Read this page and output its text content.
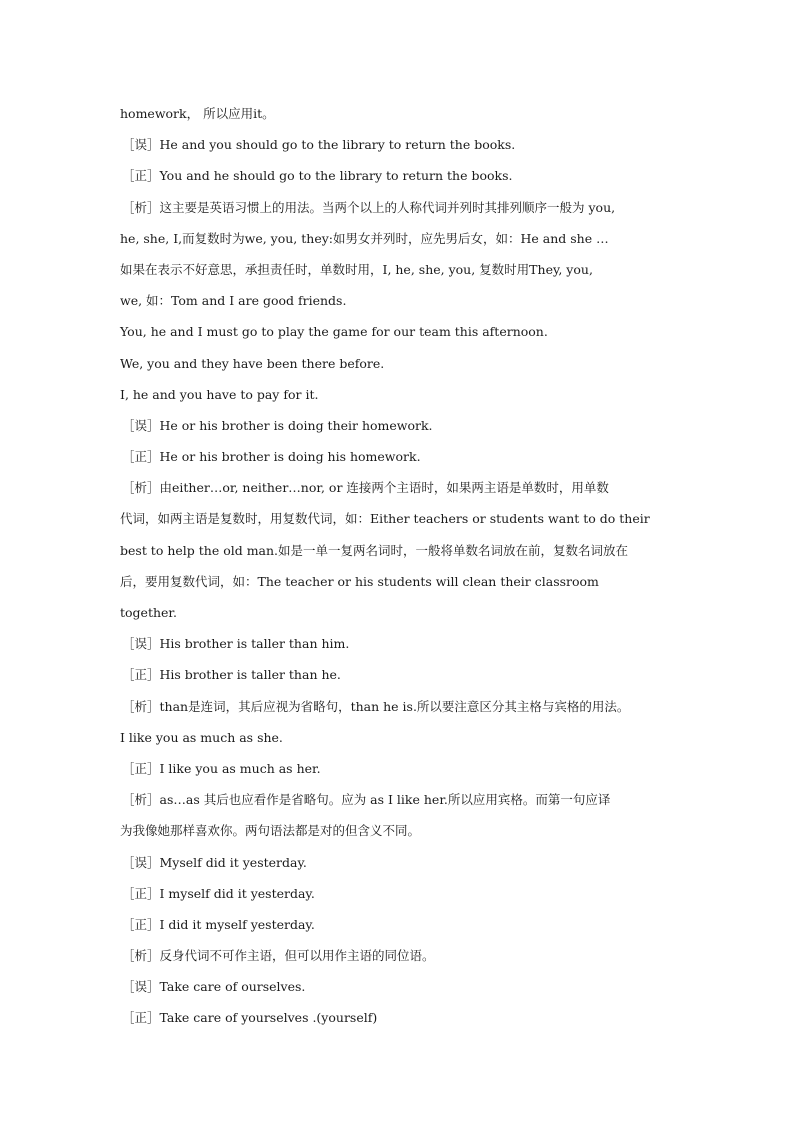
homework， 所以应用it。
［误］He and you should go to the library to return the books.
［正］You and he should go to the library to return the books.
［析］这主要是英语习惯上的用法。当两个以上的人称代词并列时其排列顺序一般为 you,
he, she, I,而复数时为we, you, they:如男女并列时，应先男后女，如：He and she …
如果在表示不好意思，承担责任时，单数时用，I, he, she, you, 复数时用They, you,
we, 如：Tom and I are good friends.
You, he and I must go to play the game for our team this afternoon.
We, you and they have been there before.
I, he and you have to pay for it.
［误］He or his brother is doing their homework.
［正］He or his brother is doing his homework.
［析］由either…or, neither…nor, or 连接两个主语时，如果两主语是单数时，用单数
代词，如两主语是复数时，用复数代词，如：Either teachers or students want to do their
best to help the old man.如是一单一复两名词时，一般将单数名词放在前，复数名词放在
后，要用复数代词，如：The teacher or his students will clean their classroom
together.
［误］His brother is taller than him.
［正］His brother is taller than he.
［析］than是连词，其后应视为省略句，than he is.所以要注意区分其主格与宾格的用法。
I like you as much as she.
［正］I like you as much as her.
［析］as…as 其后也应看作是省略句。应为 as I like her.所以应用宾格。而第一句应译
为我像她那样喜欢你。两句语法都是对的但含义不同。
［误］Myself did it yesterday.
［正］I myself did it yesterday.
［正］I did it myself yesterday.
［析］反身代词不可作主语，但可以用作主语的同位语。
［误］Take care of ourselves.
［正］Take care of yourselves .(yourself)
